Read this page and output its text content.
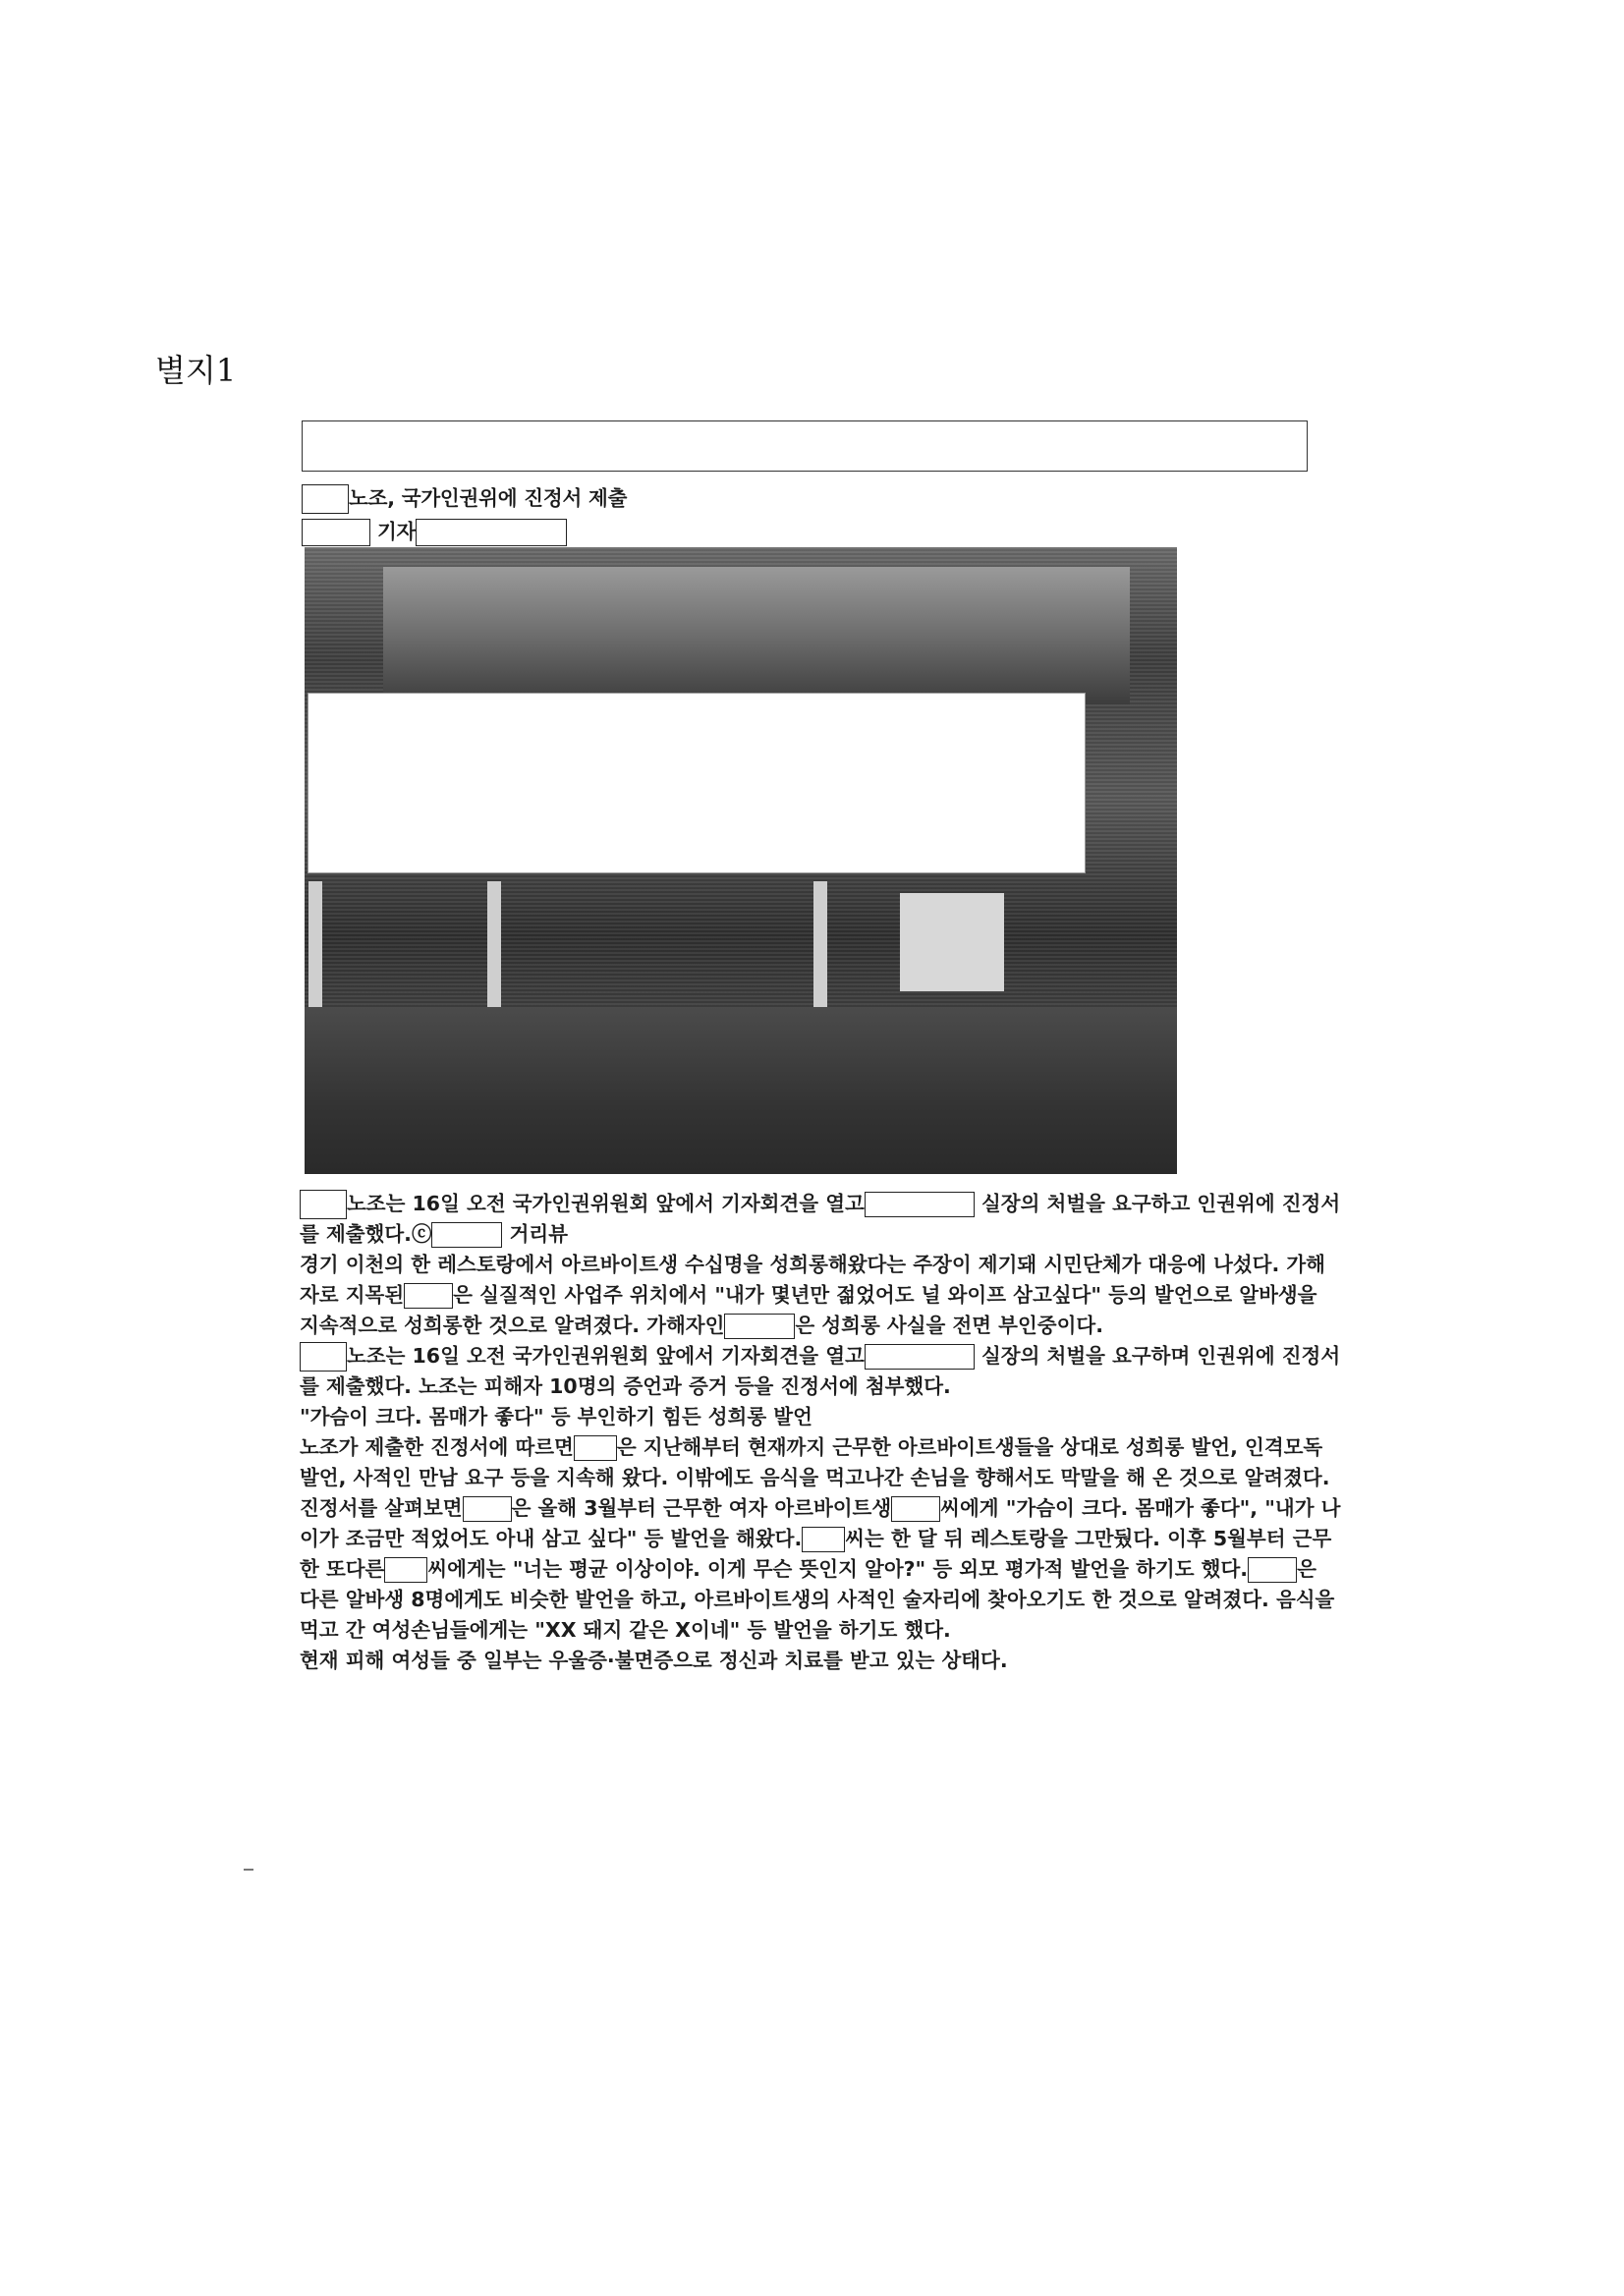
별지1
노조, 국가인권위에 진정서 제출
기자

노조는 16일 오전 국가인권위원회 앞에서 기자회견을 열고	실장의 처벌을 요구하고 인권위에 진정서를 제출했다.ⓒ	거리뷰

경기 이천의 한 레스토랑에서 아르바이트생 수십명을 성희롱해왔다는 주장이 제기돼 시민단체가 대응에 나섰다. 가해자로 지목된 은 실질적인 사업주 위치에서 "내가 몇년만 젊었어도 널 와이프 삼고싶다" 등의 발언으로 알바생을 지속적으로 성희롱한 것으로 알려졌다. 가해자인	은 성희롱 사실을 전면 부인중이다.

노조는 16일 오전 국가인권위원회 앞에서 기자회견을 열고	실장의 처벌을 요구하며 인권위에 진정서를 제출했다. 노조는 피해자 10명의 증언과 증거 등을 진정서에 첨부했다.

"가슴이 크다. 몸매가 좋다" 등 부인하기 힘든 성희롱 발언

노조가 제출한 진정서에 따르면 은 지난해부터 현재까지 근무한 아르바이트생들을 상대로 성희롱 발언, 인격모독 발언, 사적인 만남 요구 등을 지속해 왔다. 이밖에도 음식을 먹고나간 손님을 향해서도 막말을 해 온 것으로 알려졌다.

진정서를 살펴보면 은 올해 3월부터 근무한 여자 아르바이트생 씨에게 "가슴이 크다. 몸매가 좋다", "내가 나이가 조금만 적었어도 아내 삼고 싶다" 등 발언을 해왔다. 씨는 한 달 뒤 레스토랑을 그만뒀다. 이후 5월부터 근무한 또다른 씨에게는 "너는 평균 이상이야. 이게 무슨 뜻인지 알아?" 등 외모 평가적 발언을 하기도 했다. 은 다른 알바생 8명에게도 비슷한 발언을 하고, 아르바이트생의 사적인 술자리에 찾아오기도 한 것으로 알려졌다. 음식을 먹고 간 여성손님들에게는 "XX 돼지 같은 X이네" 등 발언을 하기도 했다.

현재 피해 여성들 중 일부는 우울증·불면증으로 정신과 치료를 받고 있는 상태다.
